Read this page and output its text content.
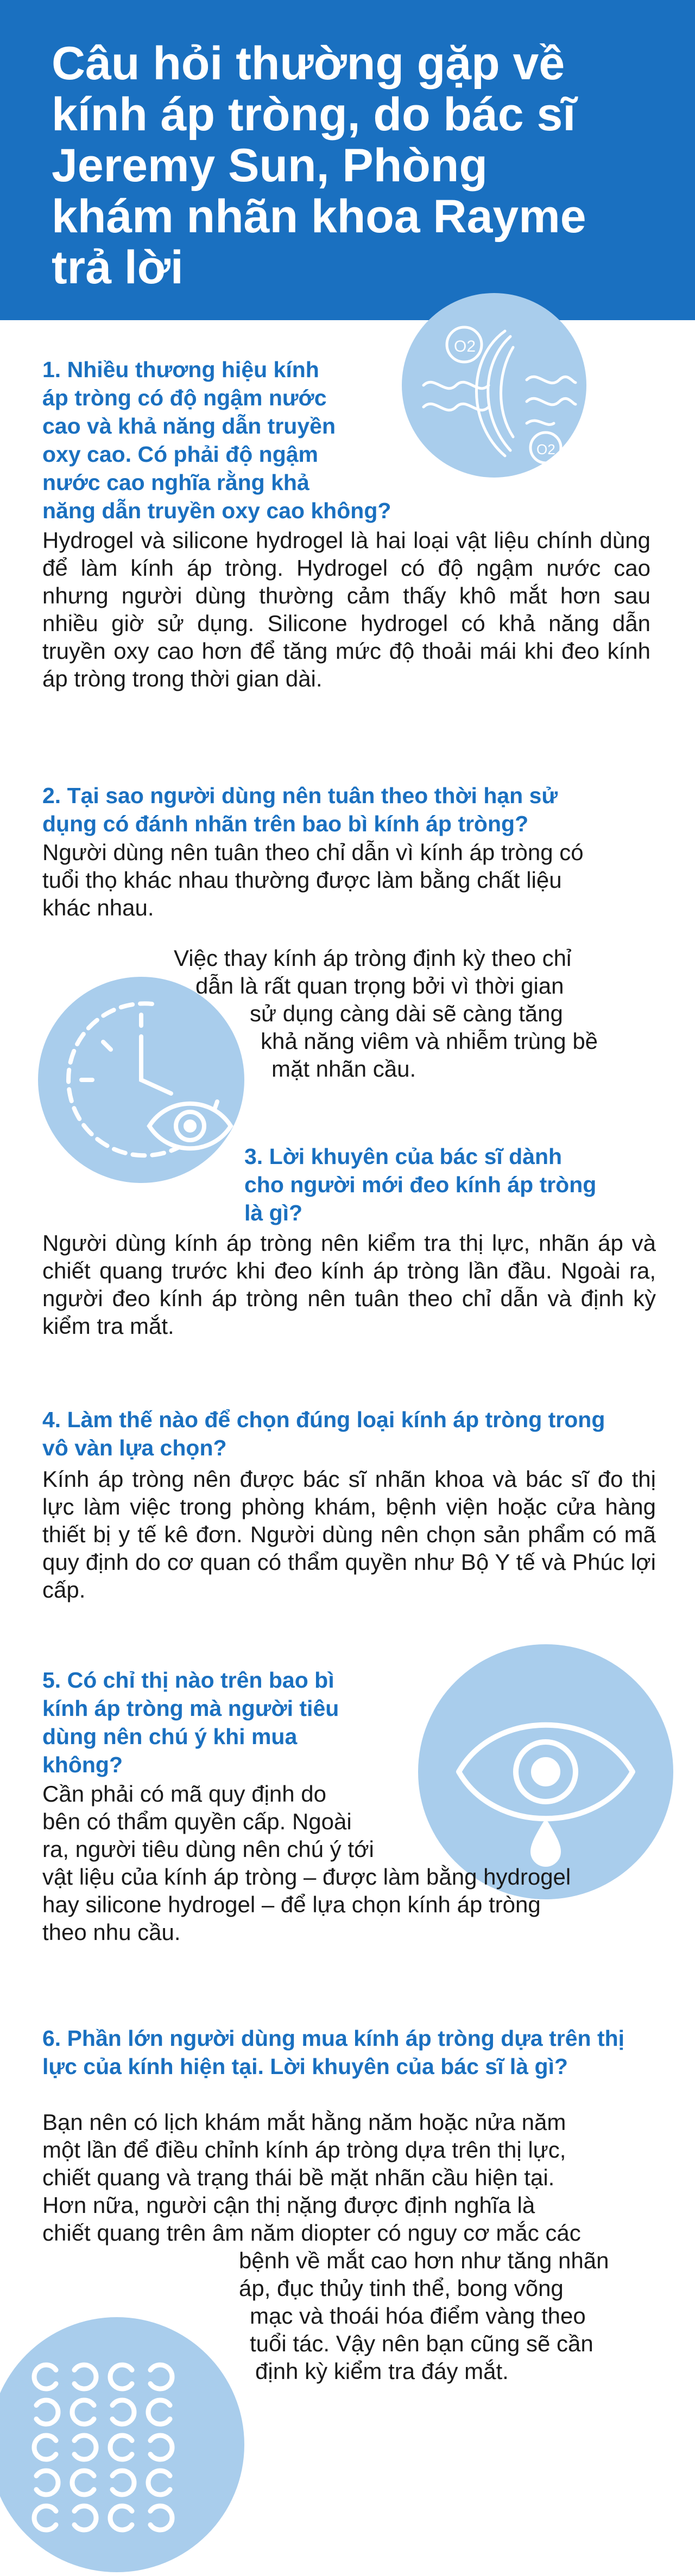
Câu hỏi thường gặp về kính áp tròng, do bác sĩ Jeremy Sun, Phòng khám nhãn khoa Rayme trả lời
O2
O2

1. Nhiều thương hiệu kính
áp tròng có độ ngậm nước
cao và khả năng dẫn truyền
oxy cao. Có phải độ ngậm
nước cao nghĩa rằng khả
năng dẫn truyền oxy cao không?

Hydrogel và silicone hydrogel là hai loại vật liệu chính dùng để làm kính áp tròng. Hydrogel có độ ngậm nước cao nhưng người dùng thường cảm thấy khô mắt hơn sau nhiều giờ sử dụng. Silicone hydrogel có khả năng dẫn truyền oxy cao hơn để tăng mức độ thoải mái khi đeo kính áp tròng trong thời gian dài.

2. Tại sao người dùng nên tuân theo thời hạn sử
dụng có đánh nhãn trên bao bì kính áp tròng?

Người dùng nên tuân theo chỉ dẫn vì kính áp tròng có
tuổi thọ khác nhau thường được làm bằng chất liệu
khác nhau.

Việc thay kính áp tròng định kỳ theo chỉ
dẫn là rất quan trọng bởi vì thời gian
sử dụng càng dài sẽ càng tăng
khả năng viêm và nhiễm trùng bề
mặt nhãn cầu.

3. Lời khuyên của bác sĩ dành
cho người mới đeo kính áp tròng
là gì?

Người dùng kính áp tròng nên kiểm tra thị lực, nhãn áp và chiết quang trước khi đeo kính áp tròng lần đầu. Ngoài ra, người đeo kính áp tròng nên tuân theo chỉ dẫn và định kỳ kiểm tra mắt.

4. Làm thế nào để chọn đúng loại kính áp tròng trong vô vàn lựa chọn?

Kính áp tròng nên được bác sĩ nhãn khoa và bác sĩ đo thị lực làm việc trong phòng khám, bệnh viện hoặc cửa hàng thiết bị y tế kê đơn. Người dùng nên chọn sản phẩm có mã quy định do cơ quan có thẩm quyền như Bộ Y tế và Phúc lợi cấp.

5. Có chỉ thị nào trên bao bì
kính áp tròng mà người tiêu
dùng nên chú ý khi mua
không?

Cần phải có mã quy định do
bên có thẩm quyền cấp. Ngoài
ra, người tiêu dùng nên chú ý tới
vật liệu của kính áp tròng – được làm bằng hydrogel
hay silicone hydrogel – để lựa chọn kính áp tròng
theo nhu cầu.

6. Phần lớn người dùng mua kính áp tròng dựa trên thị lực của kính hiện tại. Lời khuyên của bác sĩ là gì?

Bạn nên có lịch khám mắt hằng năm hoặc nửa năm
một lần để điều chỉnh kính áp tròng dựa trên thị lực,
chiết quang và trạng thái bề mặt nhãn cầu hiện tại.
Hơn nữa, người cận thị nặng được định nghĩa là
chiết quang trên âm năm diopter có nguy cơ mắc các

bệnh về mắt cao hơn như tăng nhãn
áp, đục thủy tinh thể, bong võng
mạc và thoái hóa điểm vàng theo
tuổi tác. Vậy nên bạn cũng sẽ cần
định kỳ kiểm tra đáy mắt.
